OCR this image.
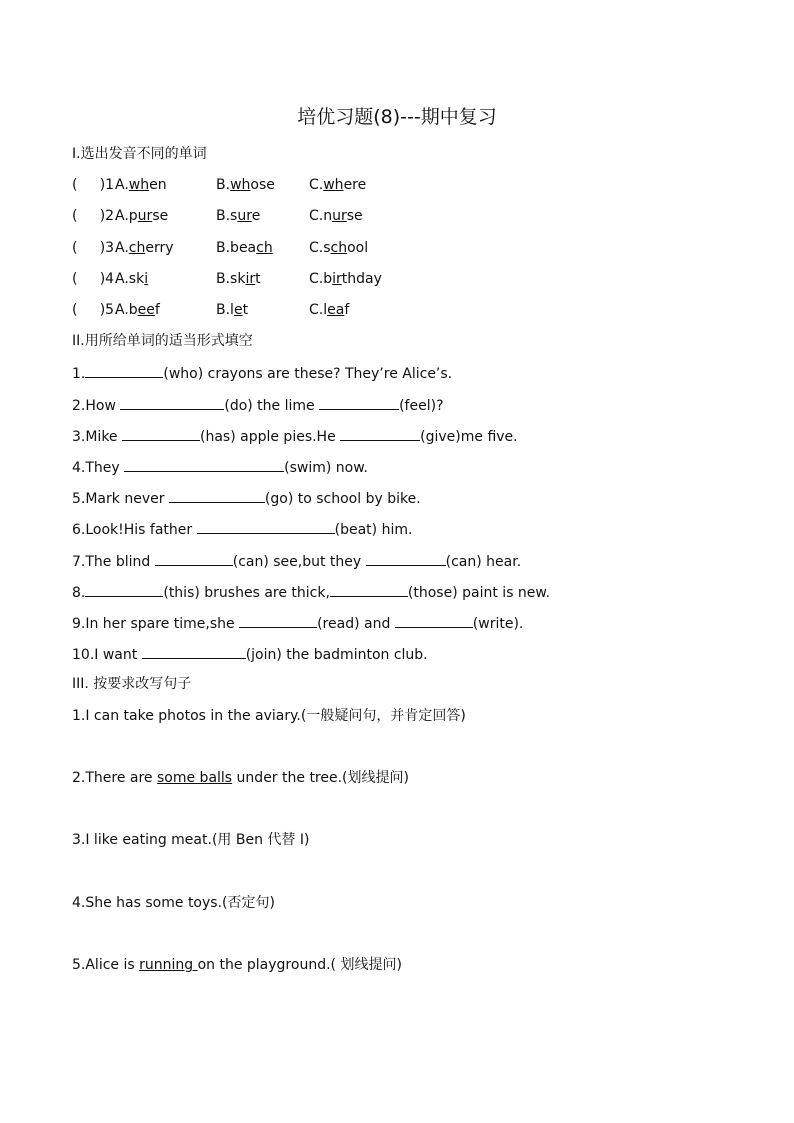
培优习题(8)---期中复习
I.选出发音不同的单词
(     )1 A.when	B.whose C.where
(     )2.
A.purse	B.sure	C.nurse
(     )3.
A.cherry	B.beach	C.school
(     )4.
A.ski	B.skirt	C.birthday
(     )5.
A.beef	B.let	C.leaf
II.用所给单词的适当形式填空
1.	(who) crayons are these? They’re Alice’s.
2.How	(do) the lime	(feel)?
3.Mike	(has) apple pies.He	(give)me five.
4.They	(swim) now.
5.Mark never	(go) to school by bike.
6.Look!His father	(beat) him.
7.The blind	(can) see,but they	(can) hear.
8.	(this) brushes are thick,	(those) paint is new.
9.In her spare time,she	(read) and	(write).
10.I want	(join) the badminton club.
III. 按要求改写句子
1.I can take photos in the aviary.(一般疑问句，并肯定回答)
2.There are some balls under the tree.(划线提问)
3.I like eating meat.(用 Ben 代替 I)
4.She has some toys.(否定句)
5.Alice is running on the playground.( 划线提问)
